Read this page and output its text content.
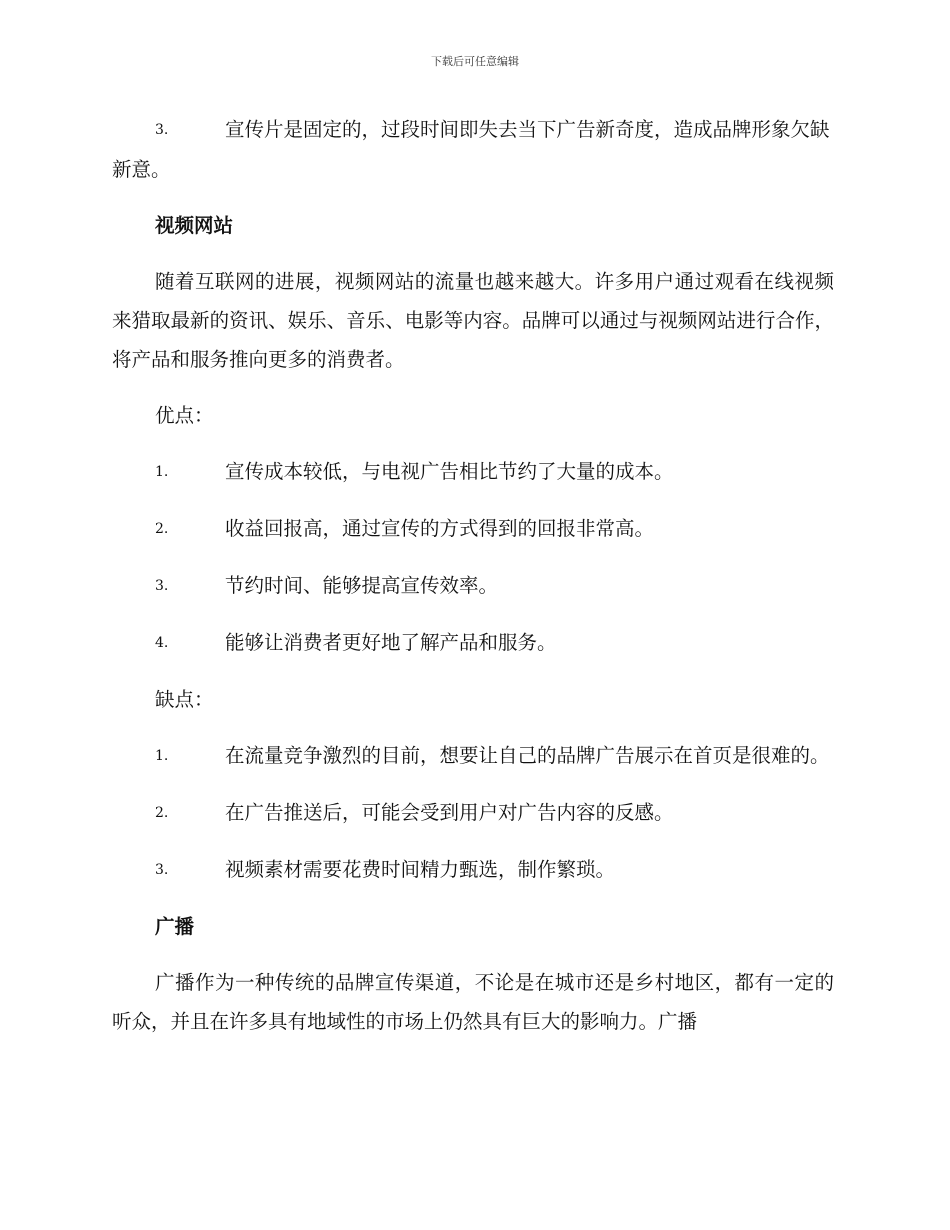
下载后可任意编辑
3.	宣传片是固定的，过段时间即失去当下广告新奇度，造成品牌形象欠缺新意。
视频网站
随着互联网的进展，视频网站的流量也越来越大。许多用户通过观看在线视频来猎取最新的资讯、娱乐、音乐、电影等内容。品牌可以通过与视频网站进行合作，将产品和服务推向更多的消费者。
优点：
1.	宣传成本较低，与电视广告相比节约了大量的成本。
2.	收益回报高，通过宣传的方式得到的回报非常高。
3.	节约时间、能够提高宣传效率。
4.	能够让消费者更好地了解产品和服务。
缺点：
1.	在流量竞争激烈的目前，想要让自己的品牌广告展示在首页是很难的。
2.	在广告推送后，可能会受到用户对广告内容的反感。
3.	视频素材需要花费时间精力甄选，制作繁琐。
广播
广播作为一种传统的品牌宣传渠道，不论是在城市还是乡村地区，都有一定的听众，并且在许多具有地域性的市场上仍然具有巨大的影响力。广播
